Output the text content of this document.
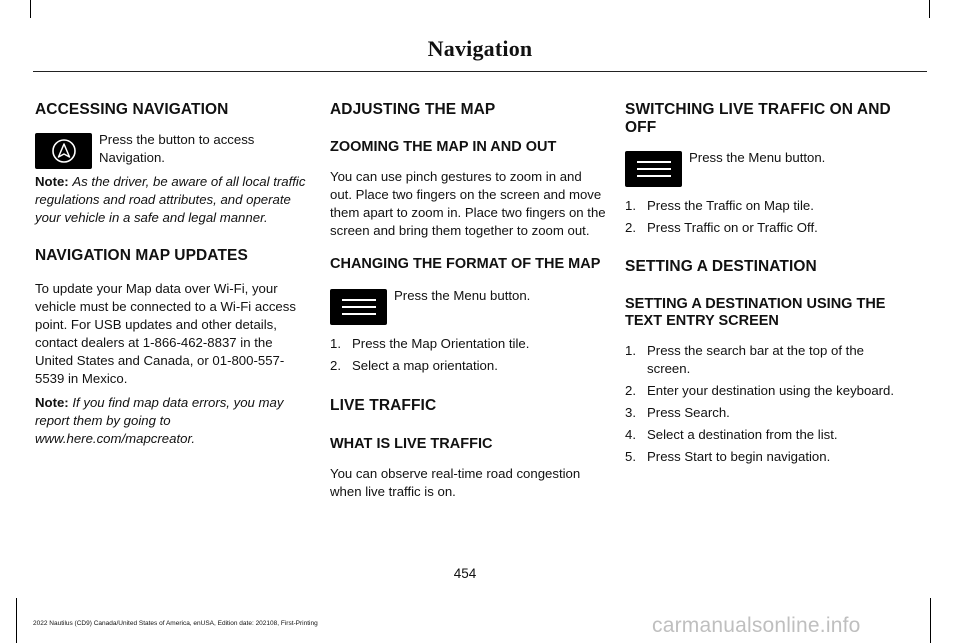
Navigation
ACCESSING NAVIGATION
Press the button to access Navigation.

Note: As the driver, be aware of all local traffic regulations and road attributes, and operate your vehicle in a safe and legal manner.

NAVIGATION MAP UPDATES

To update your Map data over Wi-Fi, your vehicle must be connected to a Wi-Fi access point. For USB updates and other details, contact dealers at 1-866-462-8837 in the United States and Canada, or 01-800-557-5539 in Mexico.

Note: If you find map data errors, you may report them by going to www.here.com/mapcreator.

ADJUSTING THE MAP
ZOOMING THE MAP IN AND OUT

You can use pinch gestures to zoom in and out. Place two fingers on the screen and move them apart to zoom in. Place two fingers on the screen and bring them together to zoom out.

CHANGING THE FORMAT OF THE MAP
Press the Menu button.
1. Press the Map Orientation tile.
2. Select a map orientation.
LIVE TRAFFIC
WHAT IS LIVE TRAFFIC

You can observe real-time road congestion when live traffic is on.

SWITCHING LIVE TRAFFIC ON AND OFF
Press the Menu button.
1. Press the Traffic on Map tile.
2. Press Traffic on or Traffic Off.
SETTING A DESTINATION
SETTING A DESTINATION USING THE TEXT ENTRY SCREEN
1. Press the search bar at the top of the screen.
2. Enter your destination using the keyboard.
3. Press Search.
4. Select a destination from the list.
5. Press Start to begin navigation.
454
2022 Nautilus (CD9) Canada/United States of America, enUSA, Edition date: 202108, First-Printing	carmanualsonline.info
